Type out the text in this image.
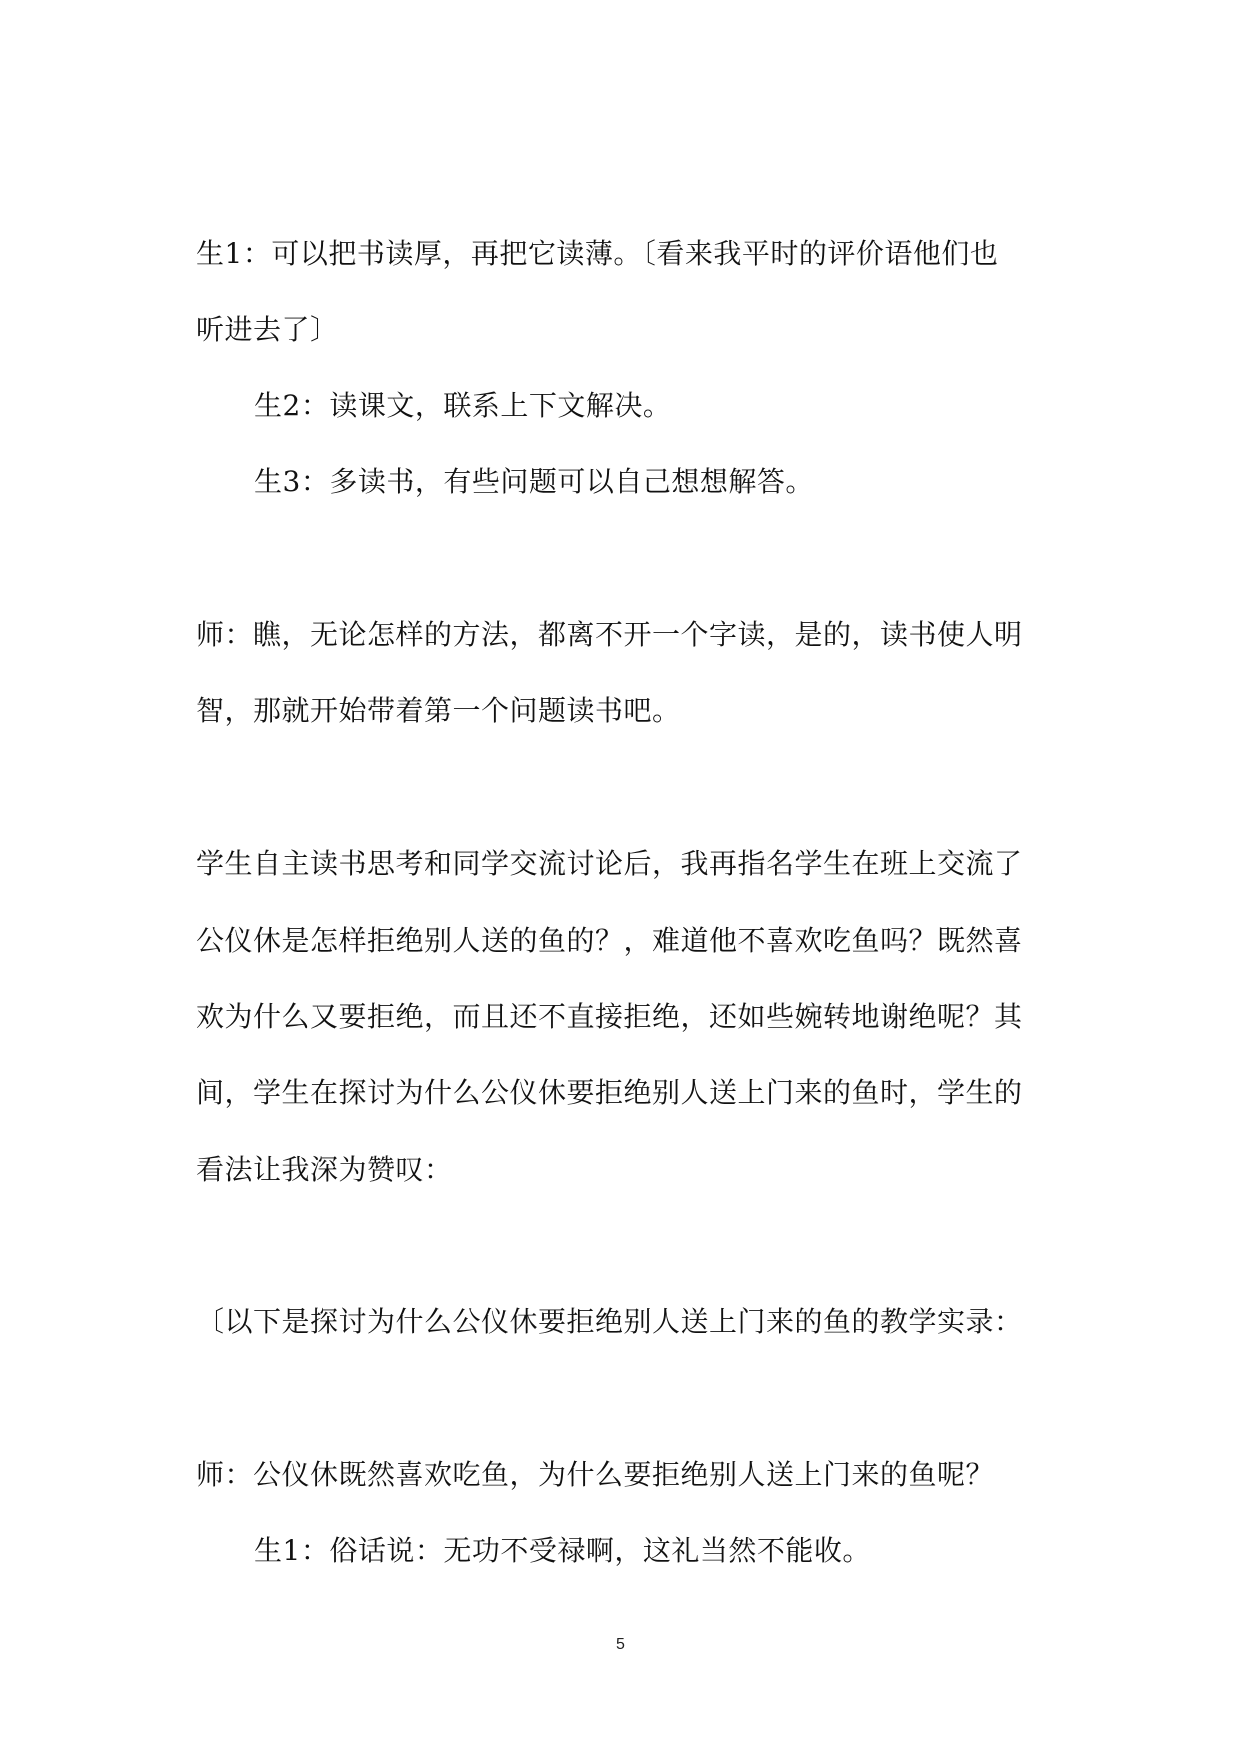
生1：可以把书读厚，再把它读薄。〔看来我平时的评价语他们也
听进去了〕
生2：读课文，联系上下文解决。
生3：多读书，有些问题可以自己想想解答。
师：瞧，无论怎样的方法，都离不开一个字读，是的，读书使人明
智，那就开始带着第一个问题读书吧。
学生自主读书思考和同学交流讨论后，我再指名学生在班上交流了
公仪休是怎样拒绝别人送的鱼的？，难道他不喜欢吃鱼吗？既然喜
欢为什么又要拒绝，而且还不直接拒绝，还如些婉转地谢绝呢？其
间，学生在探讨为什么公仪休要拒绝别人送上门来的鱼时，学生的
看法让我深为赞叹：
〔以下是探讨为什么公仪休要拒绝别人送上门来的鱼的教学实录：
师：公仪休既然喜欢吃鱼，为什么要拒绝别人送上门来的鱼呢？
生1：俗话说：无功不受禄啊，这礼当然不能收。
5
